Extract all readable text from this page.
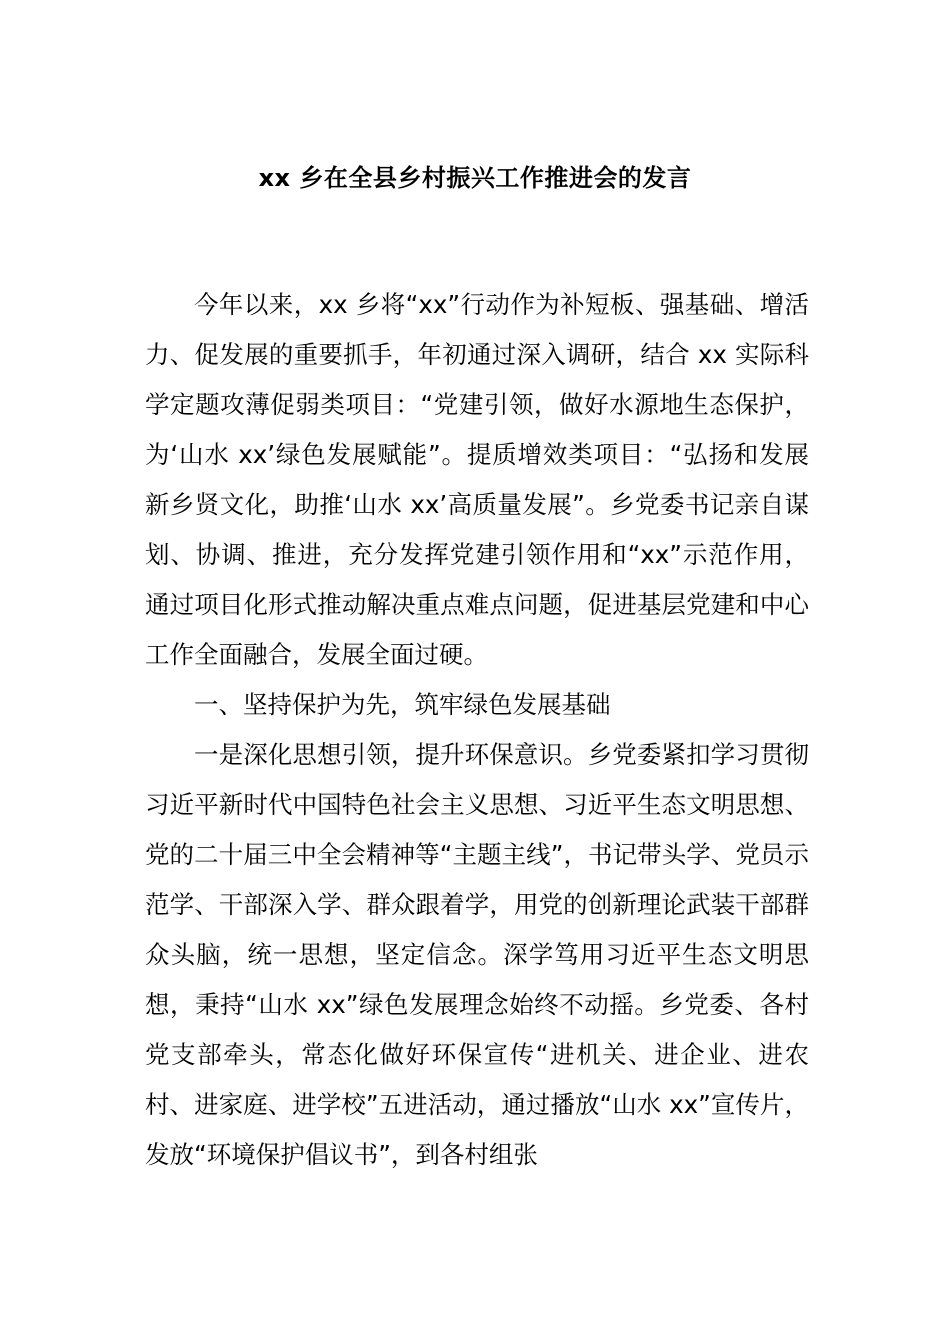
xx 乡在全县乡村振兴工作推进会的发言

今年以来，xx 乡将“xx”行动作为补短板、强基础、增活力、促发展的重要抓手，年初通过深入调研，结合 xx 实际科学定题攻薄促弱类项目：“党建引领，做好水源地生态保护，为‘山水 xx’绿色发展赋能”。提质增效类项目：“弘扬和发展新乡贤文化，助推‘山水 xx’高质量发展”。乡党委书记亲自谋划、协调、推进，充分发挥党建引领作用和“xx”示范作用，通过项目化形式推动解决重点难点问题，促进基层党建和中心工作全面融合，发展全面过硬。

一、坚持保护为先，筑牢绿色发展基础

一是深化思想引领，提升环保意识。乡党委紧扣学习贯彻习近平新时代中国特色社会主义思想、习近平生态文明思想、党的二十届三中全会精神等“主题主线”，书记带头学、党员示范学、干部深入学、群众跟着学，用党的创新理论武装干部群众头脑，统一思想，坚定信念。深学笃用习近平生态文明思想，秉持“山水 xx”绿色发展理念始终不动摇。乡党委、各村党支部牵头，常态化做好环保宣传“进机关、进企业、进农村、进家庭、进学校”五进活动，通过播放“山水 xx”宣传片，发放“环境保护倡议书”，到各村组张
